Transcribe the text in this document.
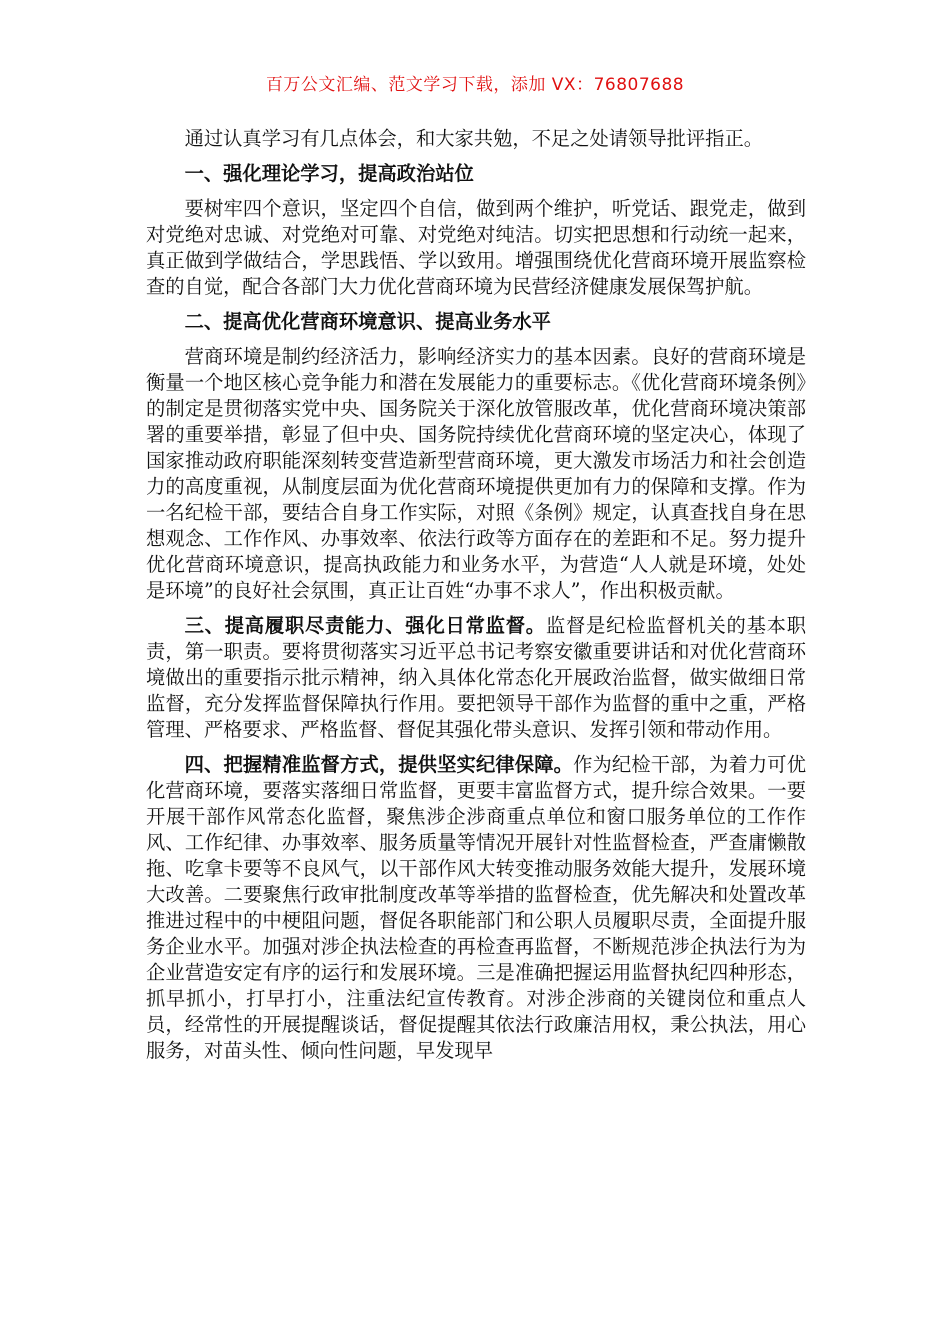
百万公文汇编、范文学习下载，添加 VX：76807688

通过认真学习有几点体会，和大家共勉，不足之处请领导批评指正。

一、强化理论学习，提高政治站位

要树牢四个意识，坚定四个自信，做到两个维护，听党话、跟党走，做到对党绝对忠诚、对党绝对可靠、对党绝对纯洁。切实把思想和行动统一起来，真正做到学做结合，学思践悟、学以致用。增强围绕优化营商环境开展监察检查的自觉，配合各部门大力优化营商环境为民营经济健康发展保驾护航。

二、提高优化营商环境意识、提高业务水平

营商环境是制约经济活力，影响经济实力的基本因素。良好的营商环境是衡量一个地区核心竞争能力和潜在发展能力的重要标志。《优化营商环境条例》的制定是贯彻落实党中央、国务院关于深化放管服改革，优化营商环境决策部署的重要举措，彰显了但中央、国务院持续优化营商环境的坚定决心，体现了国家推动政府职能深刻转变营造新型营商环境，更大激发市场活力和社会创造力的高度重视，从制度层面为优化营商环境提供更加有力的保障和支撑。作为一名纪检干部，要结合自身工作实际，对照《条例》规定，认真查找自身在思想观念、工作作风、办事效率、依法行政等方面存在的差距和不足。努力提升优化营商环境意识，提高执政能力和业务水平，为营造“人人就是环境，处处是环境”的良好社会氛围，真正让百姓“办事不求人”，作出积极贡献。

三、提高履职尽责能力、强化日常监督。监督是纪检监督机关的基本职责，第一职责。要将贯彻落实习近平总书记考察安徽重要讲话和对优化营商环境做出的重要指示批示精神，纳入具体化常态化开展政治监督，做实做细日常监督，充分发挥监督保障执行作用。要把领导干部作为监督的重中之重，严格管理、严格要求、严格监督、督促其强化带头意识、发挥引领和带动作用。

四、把握精准监督方式，提供坚实纪律保障。作为纪检干部，为着力可优化营商环境，要落实落细日常监督，更要丰富监督方式，提升综合效果。一要开展干部作风常态化监督，聚焦涉企涉商重点单位和窗口服务单位的工作作风、工作纪律、办事效率、服务质量等情况开展针对性监督检查，严查庸懒散拖、吃拿卡要等不良风气，以干部作风大转变推动服务效能大提升，发展环境大改善。二要聚焦行政审批制度改革等举措的监督检查，优先解决和处置改革推进过程中的中梗阻问题，督促各职能部门和公职人员履职尽责，全面提升服务企业水平。加强对涉企执法检查的再检查再监督，不断规范涉企执法行为为企业营造安定有序的运行和发展环境。三是准确把握运用监督执纪四种形态，抓早抓小，打早打小，注重法纪宣传教育。对涉企涉商的关键岗位和重点人员，经常性的开展提醒谈话，督促提醒其依法行政廉洁用权，秉公执法，用心服务，对苗头性、倾向性问题，早发现早
